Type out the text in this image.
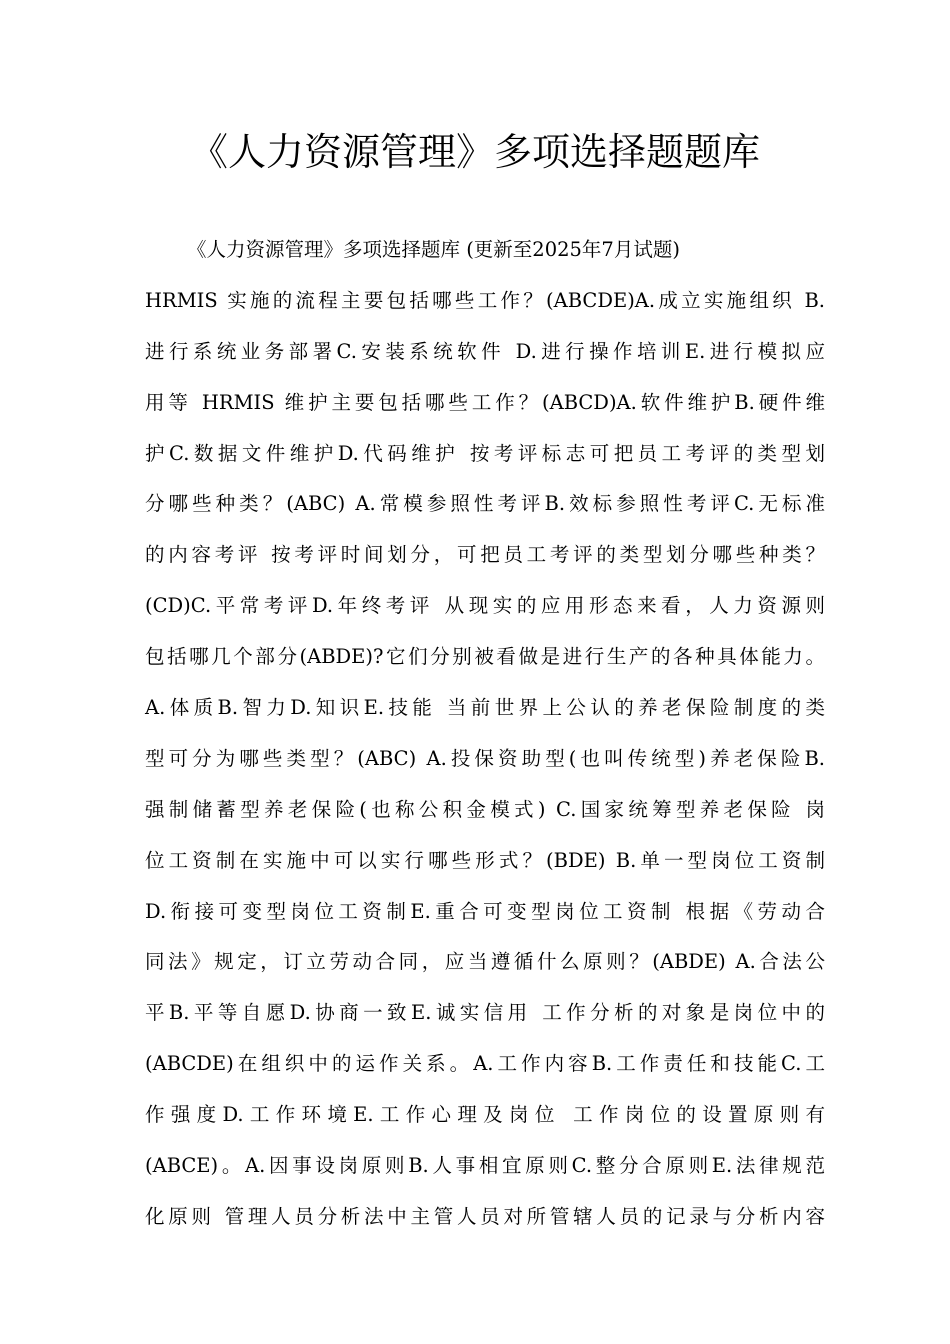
《人力资源管理》多项选择题题库
《人力资源管理》多项选择题库 (更新至2025年7月试题)
HRMIS 实施的流程主要包括哪些工作？(ABCDE)A.成立实施组织 B.
进行系统业务部署C.安装系统软件 D.进行操作培训E.进行模拟应
用等 HRMIS 维护主要包括哪些工作？(ABCD)A.软件维护B.硬件维
护C.数据文件维护D.代码维护 按考评标志可把员工考评的类型划
分哪些种类？(ABC) A.常模参照性考评B.效标参照性考评C.无标准
的内容考评 按考评时间划分，可把员工考评的类型划分哪些种类？
(CD)C.平常考评D.年终考评 从现实的应用形态来看，人力资源则
包括哪几个部分(ABDE)?它们分别被看做是进行生产的各种具体能力。
A.体质B.智力D.知识E.技能 当前世界上公认的养老保险制度的类
型可分为哪些类型？(ABC) A.投保资助型(也叫传统型)养老保险B.
强制储蓄型养老保险(也称公积金模式) C.国家统筹型养老保险 岗
位工资制在实施中可以实行哪些形式？(BDE) B.单一型岗位工资制
D.衔接可变型岗位工资制E.重合可变型岗位工资制 根据《劳动合
同法》规定，订立劳动合同，应当遵循什么原则？(ABDE) A.合法公
平B.平等自愿D.协商一致E.诚实信用 工作分析的对象是岗位中的
(ABCDE)在组织中的运作关系。A.工作内容B.工作责任和技能C.工
作强度D.工作环境E.工作心理及岗位 工作岗位的设置原则有
(ABCE)。A.因事设岗原则B.人事相宜原则C.整分合原则E.法律规范
化原则 管理人员分析法中主管人员对所管辖人员的记录与分析内容
